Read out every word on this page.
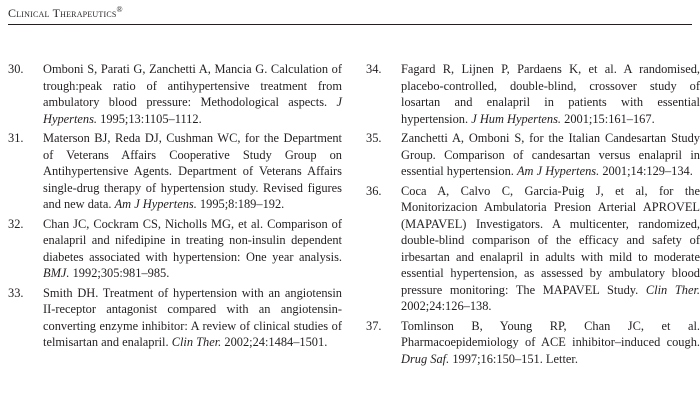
Clinical Therapeutics®
30.	Omboni S, Parati G, Zanchetti A, Mancia G. Calculation of trough:peak ratio of antihypertensive treatment from ambulatory blood pressure: Methodological aspects. J Hypertens. 1995;13:1105–1112.
31.	Materson BJ, Reda DJ, Cushman WC, for the Department of Veterans Affairs Cooperative Study Group on Antihypertensive Agents. Department of Veterans Affairs single-drug therapy of hypertension study. Revised figures and new data. Am J Hypertens. 1995;8:189–192.
32.	Chan JC, Cockram CS, Nicholls MG, et al. Comparison of enalapril and nifedipine in treating non-insulin dependent diabetes associated with hypertension: One year analysis. BMJ. 1992;305:981–985.
33.	Smith DH. Treatment of hypertension with an angiotensin II-receptor antagonist compared with an angiotensin-converting enzyme inhibitor: A review of clinical studies of telmisartan and enalapril. Clin Ther. 2002;24:1484–1501.
34.	Fagard R, Lijnen P, Pardaens K, et al. A randomised, placebo-controlled, double-blind, crossover study of losartan and enalapril in patients with essential hypertension. J Hum Hypertens. 2001;15:161–167.
35.	Zanchetti A, Omboni S, for the Italian Candesartan Study Group. Comparison of candesartan versus enalapril in essential hypertension. Am J Hypertens. 2001;14:129–134.
36.	Coca A, Calvo C, Garcia-Puig J, et al, for the Monitorizacion Ambulatoria Presion Arterial APROVEL (MAPAVEL) Investigators. A multicenter, randomized, double-blind comparison of the efficacy and safety of irbesartan and enalapril in adults with mild to moderate essential hypertension, as assessed by ambulatory blood pressure monitoring: The MAPAVEL Study. Clin Ther. 2002;24:126–138.
37.	Tomlinson B, Young RP, Chan JC, et al. Pharmacoepidemiology of ACE inhibitor–induced cough. Drug Saf. 1997;16:150–151. Letter.
